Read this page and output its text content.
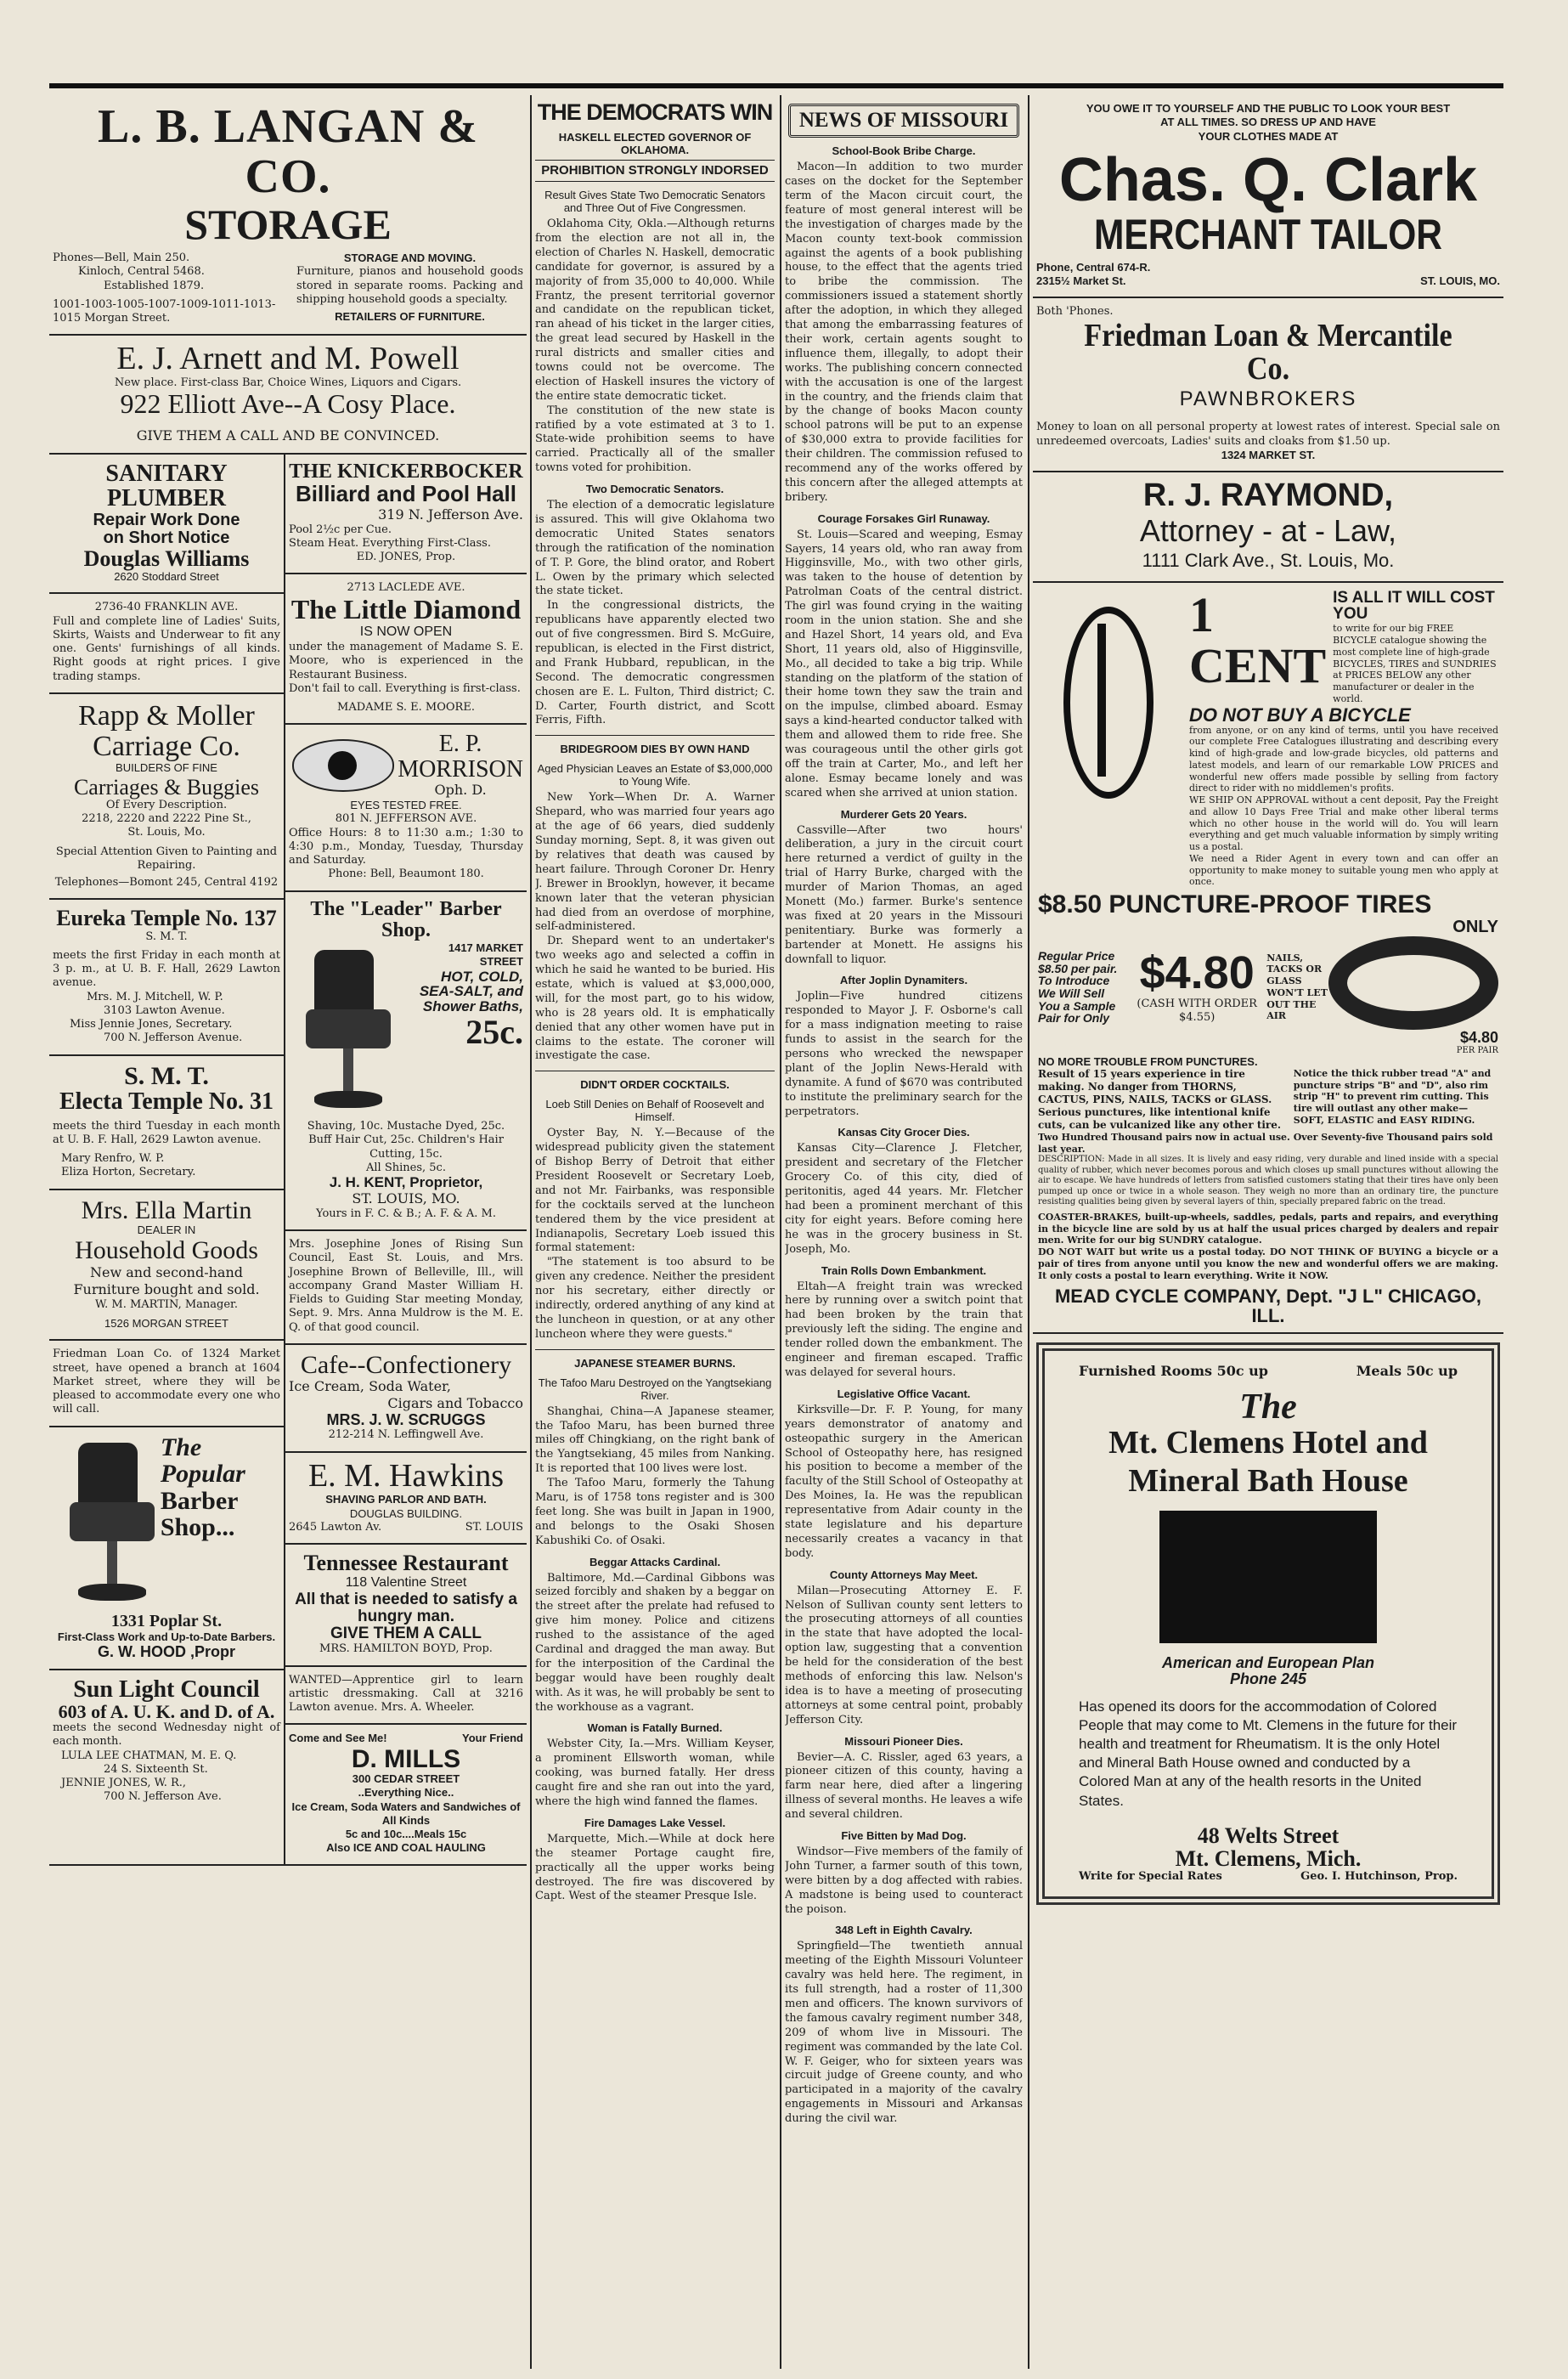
L. B. LANGAN & CO.
STORAGE

Phones—Bell, Main 250.

Kinloch, Central 5468.

Established 1879.

1001-1003-1005-1007-1009-1011-1013-1015 Morgan Street.

STORAGE AND MOVING.

Furniture, pianos and household goods stored in separate rooms. Packing and shipping household goods a specialty.

RETAILERS OF FURNITURE.

E. J. Arnett and M. Powell
New place. First-class Bar, Choice Wines, Liquors and Cigars.
922 Elliott Ave--A Cosy Place.
GIVE THEM A CALL AND BE CONVINCED.
SANITARY PLUMBER
Repair Work Done
on Short Notice
Douglas Williams
2620 Stoddard Street

2736-40 FRANKLIN AVE.

Full and complete line of Ladies' Suits, Skirts, Waists and Underwear to fit any one. Gents' furnishings of all kinds. Right goods at right prices. I give trading stamps.

Rapp & Moller
Carriage Co.
BUILDERS OF FINE
Carriages & Buggies
Of Every Description.
2218, 2220 and 2222 Pine St.,
St. Louis, Mo.
Special Attention Given to Painting and Repairing.
Telephones—Bomont 245, Central 4192
Eureka Temple No. 137
S. M. T.

meets the first Friday in each month at 3 p. m., at U. B. F. Hall, 2629 Lawton avenue.

Mrs. M. J. Mitchell, W. P.

3103 Lawton Avenue.

Miss Jennie Jones, Secretary.

700 N. Jefferson Avenue.

S. M. T.
Electa Temple No. 31

meets the third Tuesday in each month at U. B. F. Hall, 2629 Lawton avenue.

Mary Renfro, W. P.

Eliza Horton, Secretary.

Mrs. Ella Martin
DEALER IN
Household Goods
New and second-hand
Furniture bought and sold.
W. M. MARTIN, Manager.
1526 MORGAN STREET

Friedman Loan Co. of 1324 Market street, have opened a branch at 1604 Market street, where they will be pleased to accommodate every one who will call.

The Popular
Barber
Shop...
1331 Poplar St.
First-Class Work and Up-to-Date Barbers.
G. W. HOOD ,Propr
Sun Light Council
603 of A. U. K. and D. of A.

meets the second Wednesday night of each month.

LULA LEE CHATMAN, M. E. Q.

24 S. Sixteenth St.

JENNIE JONES, W. R.,

700 N. Jefferson Ave.

THE KNICKERBOCKER
Billiard and Pool Hall
319 N. Jefferson Ave.
Pool 2½c per Cue.
Steam Heat. Everything First-Class.
ED. JONES, Prop.

2713 LACLEDE AVE.

The Little Diamond
IS NOW OPEN

under the management of Madame S. E. Moore, who is experienced in the Restaurant Business.

Don't fail to call. Everything is first-class.

MADAME S. E. MOORE.

E. P. MORRISON
Oph. D.
EYES TESTED FREE.
801 N. JEFFERSON AVE.

Office Hours: 8 to 11:30 a.m.; 1:30 to 4:30 p.m., Monday, Tuesday, Thursday and Saturday.

Phone: Bell, Beaumont 180.

The "Leader" Barber Shop.
1417 MARKET STREET
HOT, COLD, SEA-SALT, and Shower Baths,
25c.
Shaving, 10c. Mustache Dyed, 25c.
Buff Hair Cut, 25c. Children's Hair Cutting, 15c.
All Shines, 5c.
J. H. KENT, Proprietor,
ST. LOUIS, MO.
Yours in F. C. & B.; A. F. & A. M.

Mrs. Josephine Jones of Rising Sun Council, East St. Louis, and Mrs. Josephine Brown of Belleville, Ill., will accompany Grand Master William H. Fields to Guiding Star meeting Monday, Sept. 9. Mrs. Anna Muldrow is the M. E. Q. of that good council.

Cafe--Confectionery
Ice Cream, Soda Water,
Cigars and Tobacco
MRS. J. W. SCRUGGS
212-214 N. Leffingwell Ave.
E. M. Hawkins
SHAVING PARLOR AND BATH.
DOUGLAS BUILDING.
2645 Lawton Av.	ST. LOUIS
Tennessee Restaurant
118 Valentine Street
All that is needed to satisfy a hungry man.
GIVE THEM A CALL
MRS. HAMILTON BOYD, Prop.

WANTED—Apprentice girl to learn artistic dressmaking. Call at 3216 Lawton avenue. Mrs. A. Wheeler.

Come and See Me!	Your Friend
D. MILLS
300 CEDAR STREET
..Everything Nice..
Ice Cream, Soda Waters and Sandwiches of All Kinds
5c and 10c....Meals 15c
Also ICE AND COAL HAULING
THE DEMOCRATS WIN
HASKELL ELECTED GOVERNOR OF OKLAHOMA.
PROHIBITION STRONGLY INDORSED
Result Gives State Two Democratic Senators and Three Out of Five Congressmen.

Oklahoma City, Okla.—Although returns from the election are not all in, the election of Charles N. Haskell, democratic candidate for governor, is assured by a majority of from 35,000 to 40,000. While Frantz, the present territorial governor and candidate on the republican ticket, ran ahead of his ticket in the larger cities, the great lead secured by Haskell in the rural districts and smaller cities and towns could not be overcome. The election of Haskell insures the victory of the entire state democratic ticket.

The constitution of the new state is ratified by a vote estimated at 3 to 1. State-wide prohibition seems to have carried. Practically all of the smaller towns voted for prohibition.

Two Democratic Senators.

The election of a democratic legislature is assured. This will give Oklahoma two democratic United States senators through the ratification of the nomination of T. P. Gore, the blind orator, and Robert L. Owen by the primary which selected the state ticket.

In the congressional districts, the republicans have apparently elected two out of five congressmen. Bird S. McGuire, republican, is elected in the First district, and Frank Hubbard, republican, in the Second. The democratic congressmen chosen are E. L. Fulton, Third district; C. D. Carter, Fourth district, and Scott Ferris, Fifth.

BRIDEGROOM DIES BY OWN HAND
Aged Physician Leaves an Estate of $3,000,000 to Young Wife.

New York—When Dr. A. Warner Shepard, who was married four years ago at the age of 66 years, died suddenly Sunday morning, Sept. 8, it was given out by relatives that death was caused by heart failure. Through Coroner Dr. Henry J. Brewer in Brooklyn, however, it became known later that the veteran physician had died from an overdose of morphine, self-administered.

Dr. Shepard went to an undertaker's two weeks ago and selected a coffin in which he said he wanted to be buried. His estate, which is valued at $3,000,000, will, for the most part, go to his widow, who is 28 years old. It is emphatically denied that any other women have put in claims to the estate. The coroner will investigate the case.

DIDN'T ORDER COCKTAILS.
Loeb Still Denies on Behalf of Roosevelt and Himself.

Oyster Bay, N. Y.—Because of the widespread publicity given the statement of Bishop Berry of Detroit that either President Roosevelt or Secretary Loeb, and not Mr. Fairbanks, was responsible for the cocktails served at the luncheon tendered them by the vice president at Indianapolis, Secretary Loeb issued this formal statement:

"The statement is too absurd to be given any credence. Neither the president nor his secretary, either directly or indirectly, ordered anything of any kind at the luncheon in question, or at any other luncheon where they were guests."

JAPANESE STEAMER BURNS.
The Tafoo Maru Destroyed on the Yangtsekiang River.

Shanghai, China—A Japanese steamer, the Tafoo Maru, has been burned three miles off Chingkiang, on the right bank of the Yangtsekiang, 45 miles from Nanking. It is reported that 100 lives were lost.

The Tafoo Maru, formerly the Tahung Maru, is of 1758 tons register and is 300 feet long. She was built in Japan in 1900, and belongs to the Osaki Shosen Kabushiki Co. of Osaki.

Beggar Attacks Cardinal.

Baltimore, Md.—Cardinal Gibbons was seized forcibly and shaken by a beggar on the street after the prelate had refused to give him money. Police and citizens rushed to the assistance of the aged Cardinal and dragged the man away. But for the interposition of the Cardinal the beggar would have been roughly dealt with. As it was, he will probably be sent to the workhouse as a vagrant.

Woman is Fatally Burned.

Webster City, Ia.—Mrs. William Keyser, a prominent Ellsworth woman, while cooking, was burned fatally. Her dress caught fire and she ran out into the yard, where the high wind fanned the flames.

Fire Damages Lake Vessel.

Marquette, Mich.—While at dock here the steamer Portage caught fire, practically all the upper works being destroyed. The fire was discovered by Capt. West of the steamer Presque Isle.

NEWS OF MISSOURI
School-Book Bribe Charge.

Macon—In addition to two murder cases on the docket for the September term of the Macon circuit court, the feature of most general interest will be the investigation of charges made by the Macon county text-book commission against the agents of a book publishing house, to the effect that the agents tried to bribe the commission. The commissioners issued a statement shortly after the adoption, in which they alleged that among the embarrassing features of their work, certain agents sought to influence them, illegally, to adopt their works. The publishing concern connected with the accusation is one of the largest in the country, and the friends claim that by the change of books Macon county school patrons will be put to an expense of $30,000 extra to provide facilities for their children. The commission refused to recommend any of the works offered by this concern after the alleged attempts at bribery.

Courage Forsakes Girl Runaway.

St. Louis—Scared and weeping, Esmay Sayers, 14 years old, who ran away from Higginsville, Mo., with two other girls, was taken to the house of detention by Patrolman Coats of the central district. The girl was found crying in the waiting room in the union station. She and she and Hazel Short, 14 years old, and Eva Short, 11 years old, also of Higginsville, Mo., all decided to take a big trip. While standing on the platform of the station of their home town they saw the train and on the impulse, climbed aboard. Esmay says a kind-hearted conductor talked with them and allowed them to ride free. She was courageous until the other girls got off the train at Carter, Mo., and left her alone. Esmay became lonely and was scared when she arrived at union station.

Murderer Gets 20 Years.

Cassville—After two hours' deliberation, a jury in the circuit court here returned a verdict of guilty in the trial of Harry Burke, charged with the murder of Marion Thomas, an aged Monett (Mo.) farmer. Burke's sentence was fixed at 20 years in the Missouri penitentiary. Burke was formerly a bartender at Monett. He assigns his downfall to liquor.

After Joplin Dynamiters.

Joplin—Five hundred citizens responded to Mayor J. F. Osborne's call for a mass indignation meeting to raise funds to assist in the search for the persons who wrecked the newspaper plant of the Joplin News-Herald with dynamite. A fund of $670 was contributed to institute the preliminary search for the perpetrators.

Kansas City Grocer Dies.

Kansas City—Clarence J. Fletcher, president and secretary of the Fletcher Grocery Co. of this city, died of peritonitis, aged 44 years. Mr. Fletcher had been a prominent merchant of this city for eight years. Before coming here he was in the grocery business in St. Joseph, Mo.

Train Rolls Down Embankment.

Eltah—A freight train was wrecked here by running over a switch point that had been broken by the train that previously left the siding. The engine and tender rolled down the embankment. The engineer and fireman escaped. Traffic was delayed for several hours.

Legislative Office Vacant.

Kirksville—Dr. F. P. Young, for many years demonstrator of anatomy and osteopathic surgery in the American School of Osteopathy here, has resigned his position to become a member of the faculty of the Still School of Osteopathy at Des Moines, Ia. He was the republican representative from Adair county in the state legislature and his departure necessarily creates a vacancy in that body.

County Attorneys May Meet.

Milan—Prosecuting Attorney E. F. Nelson of Sullivan county sent letters to the prosecuting attorneys of all counties in the state that have adopted the local-option law, suggesting that a convention be held for the consideration of the best methods of enforcing this law. Nelson's idea is to have a meeting of prosecuting attorneys at some central point, probably Jefferson City.

Missouri Pioneer Dies.

Bevier—A. C. Rissler, aged 63 years, a pioneer citizen of this county, having a farm near here, died after a lingering illness of several months. He leaves a wife and several children.

Five Bitten by Mad Dog.

Windsor—Five members of the family of John Turner, a farmer south of this town, were bitten by a dog affected with rabies. A madstone is being used to counteract the poison.

348 Left in Eighth Cavalry.

Springfield—The twentieth annual meeting of the Eighth Missouri Volunteer cavalry was held here. The regiment, in its full strength, had a roster of 11,300 men and officers. The known survivors of the famous cavalry regiment number 348, 209 of whom live in Missouri. The regiment was commanded by the late Col. W. F. Geiger, who for sixteen years was circuit judge of Greene county, and who participated in a majority of the cavalry engagements in Missouri and Arkansas during the civil war.

YOU OWE IT TO YOURSELF AND THE PUBLIC TO LOOK YOUR BEST
AT ALL TIMES. SO DRESS UP AND HAVE
YOUR CLOTHES MADE AT
Chas. Q. Clark
MERCHANT TAILOR
Phone, Central 674-R.
2315½ Market St.	ST. LOUIS, MO.
Both 'Phones.
Friedman Loan & Mercantile Co.
PAWNBROKERS

Money to loan on all personal property at lowest rates of interest. Special sale on unredeemed overcoats, Ladies' suits and cloaks from $1.50 up.

1324 MARKET ST.
R. J. RAYMOND,
Attorney - at - Law,
1111 Clark Ave., St. Louis, Mo.
1 CENT
IS ALL IT WILL COST YOU

to write for our big FREE BICYCLE catalogue showing the most complete line of high-grade BICYCLES, TIRES and SUNDRIES at PRICES BELOW any other manufacturer or dealer in the world.

DO NOT BUY A BICYCLE

from anyone, or on any kind of terms, until you have received our complete Free Catalogues illustrating and describing every kind of high-grade and low-grade bicycles, old patterns and latest models, and learn of our remarkable LOW PRICES and wonderful new offers made possible by selling from factory direct to rider with no middlemen's profits.

WE SHIP ON APPROVAL without a cent deposit, Pay the Freight and allow 10 Days Free Trial and make other liberal terms which no other house in the world will do. You will learn everything and get much valuable information by simply writing us a postal.

We need a Rider Agent in every town and can offer an opportunity to make money to suitable young men who apply at once.

$8.50 PUNCTURE-PROOF TIRES

Regular Price $8.50 per pair. To Introduce We Will Sell You a Sample Pair for Only

$4.80
(CASH WITH ORDER $4.55)
NAILS, TACKS OR GLASS WON'T LET OUT THE AIR
ONLY
$4.80
PER PAIR
NO MORE TROUBLE FROM PUNCTURES.

Result of 15 years experience in tire making. No danger from THORNS, CACTUS, PINS, NAILS, TACKS or GLASS. Serious punctures, like intentional knife cuts, can be vulcanized like any other tire.

Notice the thick rubber tread "A" and puncture strips "B" and "D", also rim strip "H" to prevent rim cutting. This tire will outlast any other make—SOFT, ELASTIC and EASY RIDING.

Two Hundred Thousand pairs now in actual use. Over Seventy-five Thousand pairs sold last year.

DESCRIPTION: Made in all sizes. It is lively and easy riding, very durable and lined inside with a special quality of rubber, which never becomes porous and which closes up small punctures without allowing the air to escape. We have hundreds of letters from satisfied customers stating that their tires have only been pumped up once or twice in a whole season. They weigh no more than an ordinary tire, the puncture resisting qualities being given by several layers of thin, specially prepared fabric on the tread.

COASTER-BRAKES, built-up-wheels, saddles, pedals, parts and repairs, and everything in the bicycle line are sold by us at half the usual prices charged by dealers and repair men. Write for our big SUNDRY catalogue.

DO NOT WAIT but write us a postal today. DO NOT THINK OF BUYING a bicycle or a pair of tires from anyone until you know the new and wonderful offers we are making. It only costs a postal to learn everything. Write it NOW.

MEAD CYCLE COMPANY, Dept. "J L" CHICAGO, ILL.
Furnished Rooms 50c up	Meals 50c up
The
Mt. Clemens Hotel and
Mineral Bath House
American and European Plan
Phone 245

Has opened its doors for the accommodation of Colored People that may come to Mt. Clemens in the future for their health and treatment for Rheumatism. It is the only Hotel and Mineral Bath House owned and conducted by a Colored Man at any of the health resorts in the United States.

48 Welts Street
Mt. Clemens, Mich.
Write for Special Rates	Geo. I. Hutchinson, Prop.
